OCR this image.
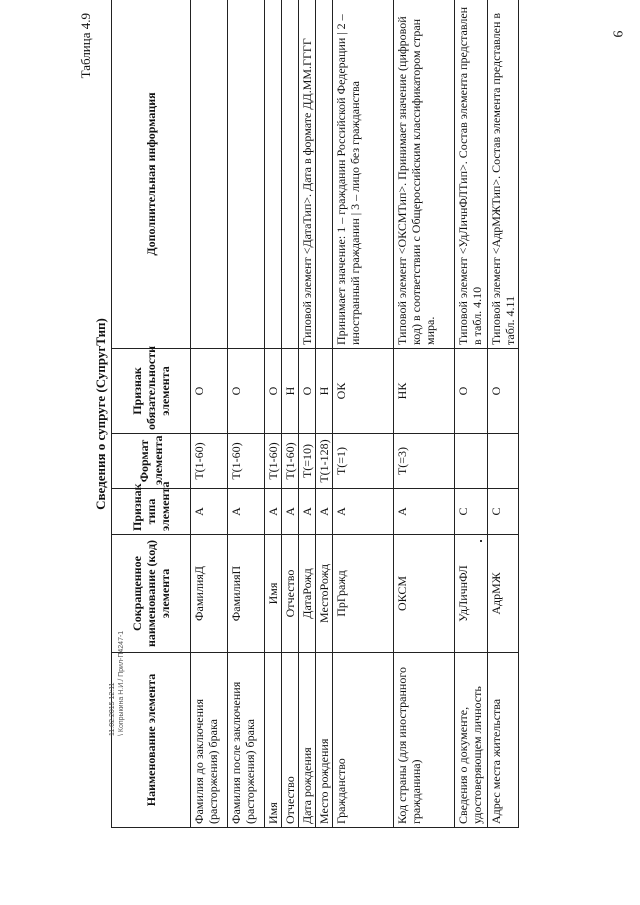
9
Таблица 4.9
Сведения о супруге (СупругТип)
Наименование элемента	Сокращенное наименование (код) элемента	Признак типа элемента	Формат элемента	Признак обязательности элемента	Дополнительная информация
Фамилия до заключения (расторжения) брака	ФамилияД	А	T(1-60)	О	
Фамилия после заключения (расторжения) брака	ФамилияП	А	T(1-60)	О	
Имя	Имя	А	T(1-60)	О	
Отчество	Отчество	А	T(1-60)	Н	
Дата рождения	ДатаРожд	А	T(=10)	О	Типовой элемент <ДатаТип>. Дата в формате ДД.ММ.ГГГГ
Место рождения	МестоРожд	А	T(1-128)	Н	
Гражданство	ПрГражд	А	T(=1)	ОК	Принимает значение: 1 – гражданин Российской Федерации | 2 – иностранный гражданин | 3 – лицо без гражданства
Код страны (для иностранного гражданина)	ОКСМ	А	T(=3)	НК	Типовой элемент <ОКСМТип>. Принимает значение (цифровой код) в соответствии с Общероссийским классификатором стран мира.
Сведения о документе, удостоверяющем личность	УдЛичнФЛ	С		О	Типовой элемент <УдЛичнФЛТип>. Состав элемента представлен в табл. 4.10
Адрес места жительства	АдрМЖ	С		О	Типовой элемент <АдрМЖТип>. Состав элемента представлен в табл. 4.11
11.02.2015 12:11 \ Копрыкина Н.И./ Прил-П4247-1
